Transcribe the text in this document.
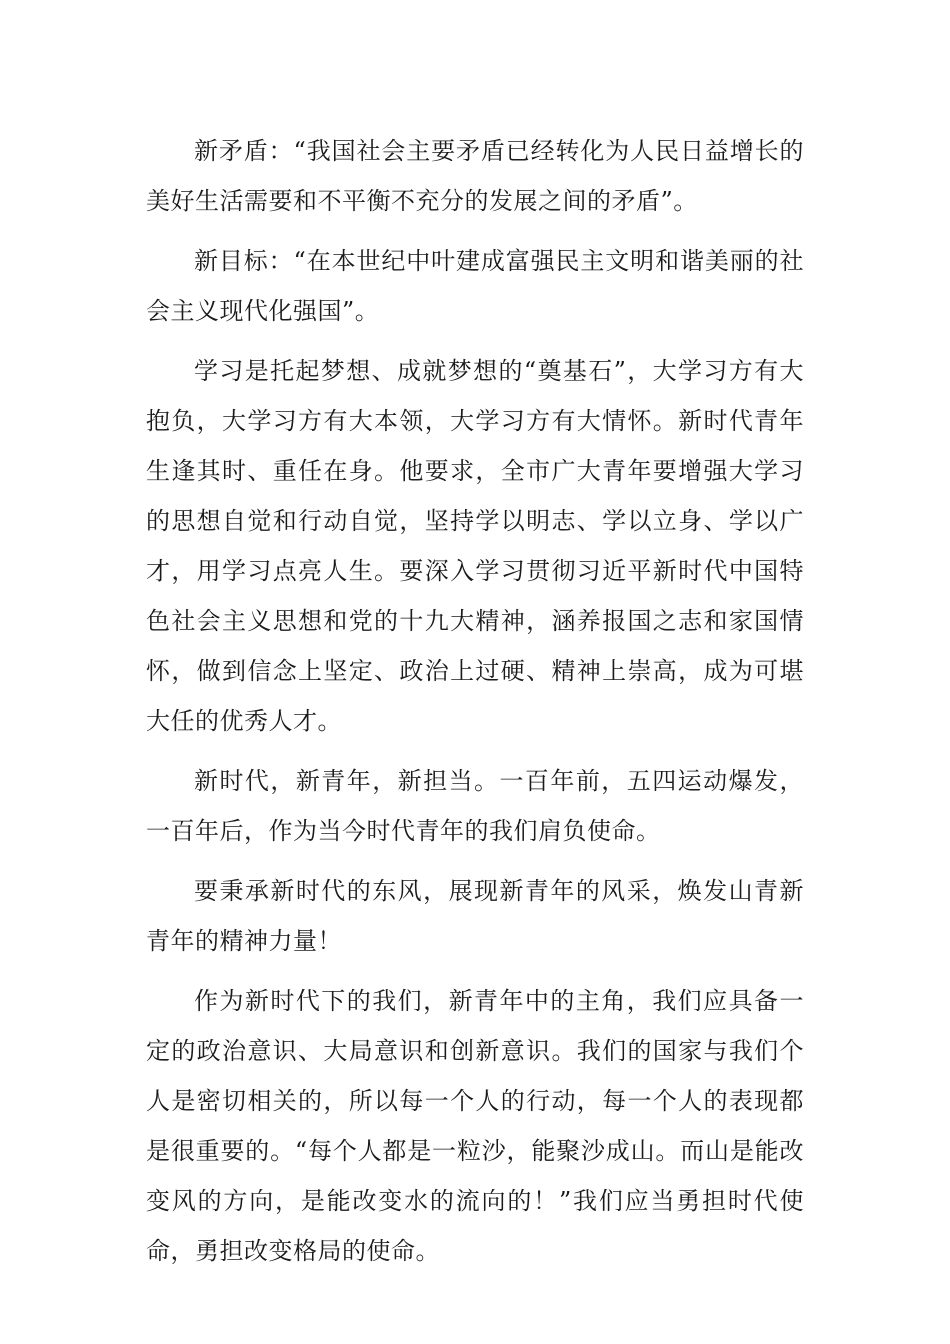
新矛盾：“我国社会主要矛盾已经转化为人民日益增长的美好生活需要和不平衡不充分的发展之间的矛盾”。

新目标：“在本世纪中叶建成富强民主文明和谐美丽的社会主义现代化强国”。

学习是托起梦想、成就梦想的“奠基石”，大学习方有大抱负，大学习方有大本领，大学习方有大情怀。新时代青年生逢其时、重任在身。他要求，全市广大青年要增强大学习的思想自觉和行动自觉，坚持学以明志、学以立身、学以广才，用学习点亮人生。要深入学习贯彻习近平新时代中国特色社会主义思想和党的十九大精神，涵养报国之志和家国情怀，做到信念上坚定、政治上过硬、精神上崇高，成为可堪大任的优秀人才。

新时代，新青年，新担当。一百年前，五四运动爆发，一百年后，作为当今时代青年的我们肩负使命。

要秉承新时代的东风，展现新青年的风采，焕发山青新青年的精神力量！

作为新时代下的我们，新青年中的主角，我们应具备一定的政治意识、大局意识和创新意识。我们的国家与我们个人是密切相关的，所以每一个人的行动，每一个人的表现都是很重要的。“每个人都是一粒沙，能聚沙成山。而山是能改变风的方向，是能改变水的流向的！”我们应当勇担时代使命，勇担改变格局的使命。
